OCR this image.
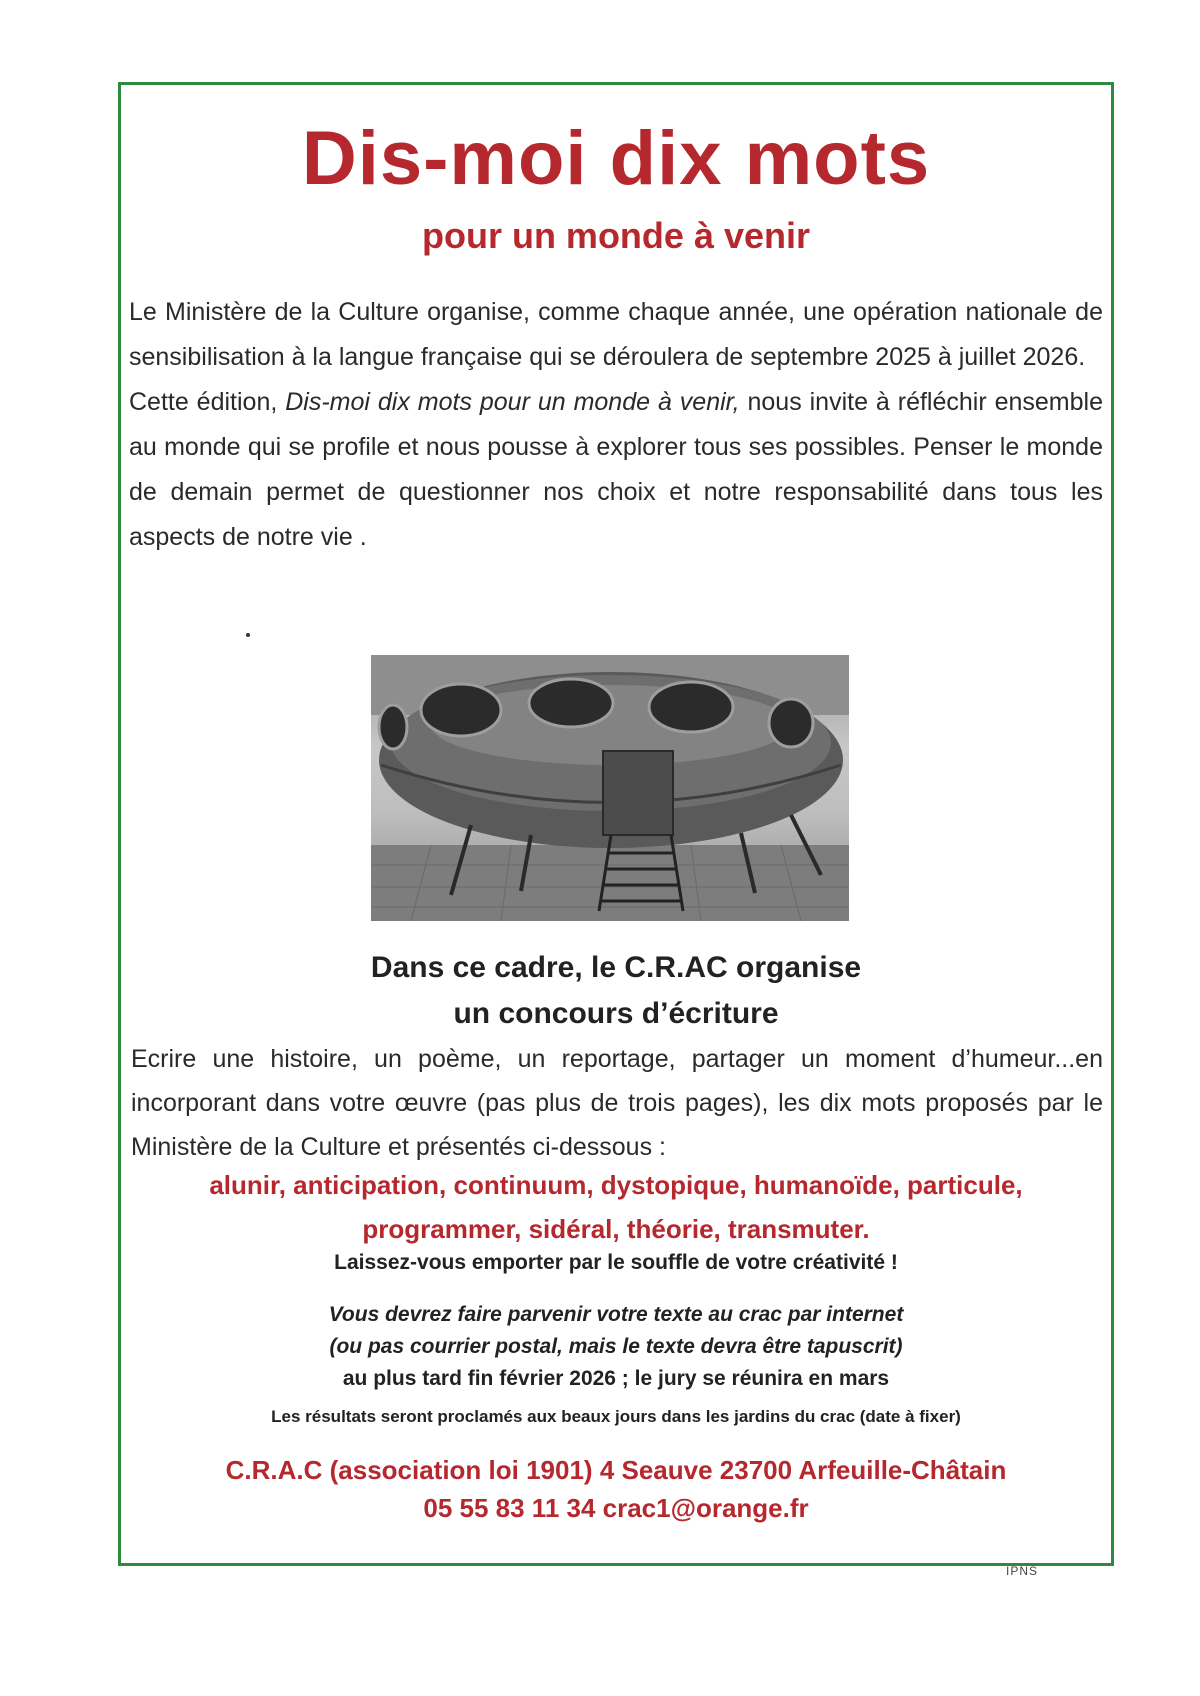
Dis-moi dix mots
pour un monde à venir

Le Ministère de la Culture organise, comme chaque année, une opération nationale de sensibilisation à la langue française qui se déroulera de septembre 2025 à juillet 2026.

Cette édition, Dis-moi dix mots pour un monde à venir, nous invite à réfléchir ensemble au monde qui se profile et nous pousse à explorer tous ses possibles. Penser le monde de demain permet de questionner nos choix et notre responsabilité dans tous les aspects de notre vie .

Dans ce cadre, le C.R.AC organise
un concours d’écriture

Ecrire une histoire, un poème, un reportage, partager un moment d’humeur...en incorporant dans votre œuvre (pas plus de trois pages), les dix mots proposés par le Ministère de la Culture et présentés ci-dessous :

alunir, anticipation, continuum, dystopique, humanoïde, particule,
programmer, sidéral, théorie, transmuter.

Laissez-vous emporter par le souffle de votre créativité !

Vous devrez faire parvenir votre texte au crac par internet
(ou pas courrier postal, mais le texte devra être tapuscrit)
au plus tard fin février 2026 ; le jury se réunira en mars

Les résultats seront proclamés aux beaux jours dans les jardins du crac (date à fixer)

C.R.A.C (association loi 1901) 4 Seauve 23700 Arfeuille-Châtain
05 55 83 11 34 crac1@orange.fr

IPNS
